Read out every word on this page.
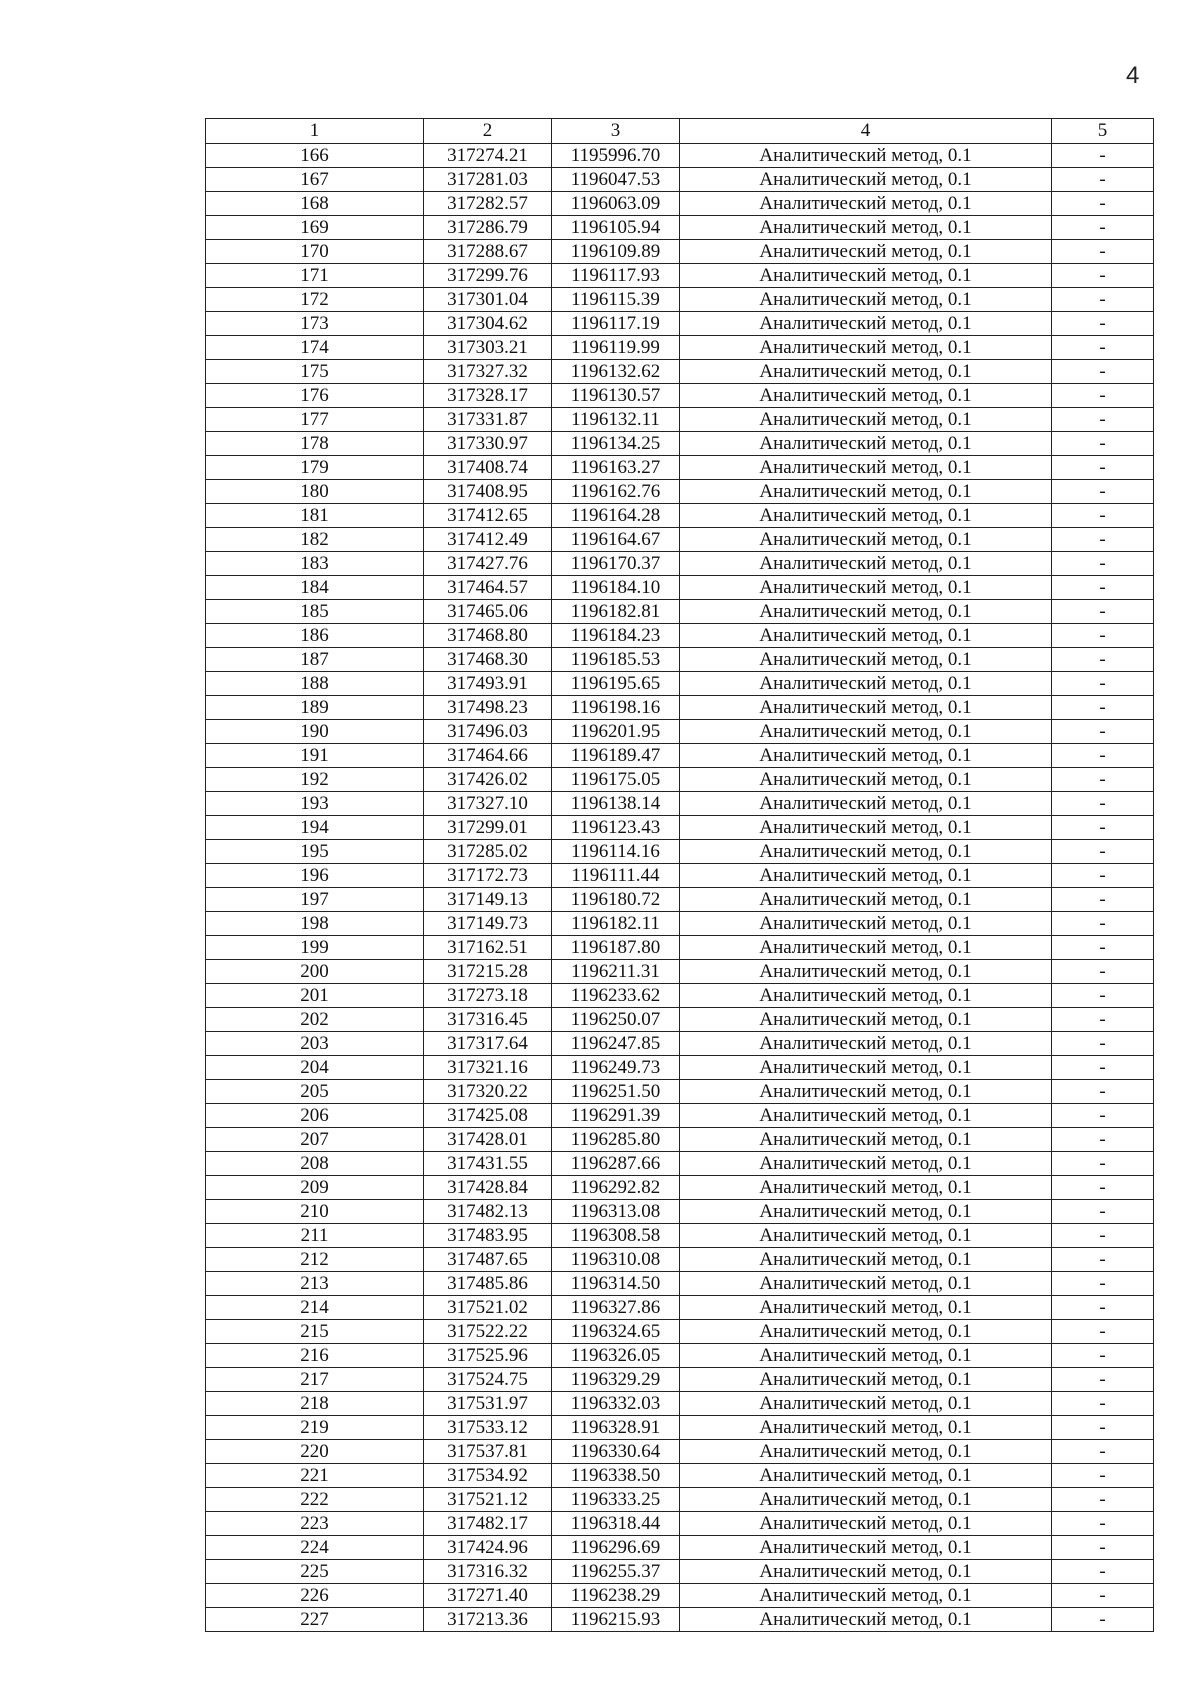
4
1	2	3	4	5
166	317274.21	1195996.70	Аналитический метод, 0.1	-
167	317281.03	1196047.53	Аналитический метод, 0.1	-
168	317282.57	1196063.09	Аналитический метод, 0.1	-
169	317286.79	1196105.94	Аналитический метод, 0.1	-
170	317288.67	1196109.89	Аналитический метод, 0.1	-
171	317299.76	1196117.93	Аналитический метод, 0.1	-
172	317301.04	1196115.39	Аналитический метод, 0.1	-
173	317304.62	1196117.19	Аналитический метод, 0.1	-
174	317303.21	1196119.99	Аналитический метод, 0.1	-
175	317327.32	1196132.62	Аналитический метод, 0.1	-
176	317328.17	1196130.57	Аналитический метод, 0.1	-
177	317331.87	1196132.11	Аналитический метод, 0.1	-
178	317330.97	1196134.25	Аналитический метод, 0.1	-
179	317408.74	1196163.27	Аналитический метод, 0.1	-
180	317408.95	1196162.76	Аналитический метод, 0.1	-
181	317412.65	1196164.28	Аналитический метод, 0.1	-
182	317412.49	1196164.67	Аналитический метод, 0.1	-
183	317427.76	1196170.37	Аналитический метод, 0.1	-
184	317464.57	1196184.10	Аналитический метод, 0.1	-
185	317465.06	1196182.81	Аналитический метод, 0.1	-
186	317468.80	1196184.23	Аналитический метод, 0.1	-
187	317468.30	1196185.53	Аналитический метод, 0.1	-
188	317493.91	1196195.65	Аналитический метод, 0.1	-
189	317498.23	1196198.16	Аналитический метод, 0.1	-
190	317496.03	1196201.95	Аналитический метод, 0.1	-
191	317464.66	1196189.47	Аналитический метод, 0.1	-
192	317426.02	1196175.05	Аналитический метод, 0.1	-
193	317327.10	1196138.14	Аналитический метод, 0.1	-
194	317299.01	1196123.43	Аналитический метод, 0.1	-
195	317285.02	1196114.16	Аналитический метод, 0.1	-
196	317172.73	1196111.44	Аналитический метод, 0.1	-
197	317149.13	1196180.72	Аналитический метод, 0.1	-
198	317149.73	1196182.11	Аналитический метод, 0.1	-
199	317162.51	1196187.80	Аналитический метод, 0.1	-
200	317215.28	1196211.31	Аналитический метод, 0.1	-
201	317273.18	1196233.62	Аналитический метод, 0.1	-
202	317316.45	1196250.07	Аналитический метод, 0.1	-
203	317317.64	1196247.85	Аналитический метод, 0.1	-
204	317321.16	1196249.73	Аналитический метод, 0.1	-
205	317320.22	1196251.50	Аналитический метод, 0.1	-
206	317425.08	1196291.39	Аналитический метод, 0.1	-
207	317428.01	1196285.80	Аналитический метод, 0.1	-
208	317431.55	1196287.66	Аналитический метод, 0.1	-
209	317428.84	1196292.82	Аналитический метод, 0.1	-
210	317482.13	1196313.08	Аналитический метод, 0.1	-
211	317483.95	1196308.58	Аналитический метод, 0.1	-
212	317487.65	1196310.08	Аналитический метод, 0.1	-
213	317485.86	1196314.50	Аналитический метод, 0.1	-
214	317521.02	1196327.86	Аналитический метод, 0.1	-
215	317522.22	1196324.65	Аналитический метод, 0.1	-
216	317525.96	1196326.05	Аналитический метод, 0.1	-
217	317524.75	1196329.29	Аналитический метод, 0.1	-
218	317531.97	1196332.03	Аналитический метод, 0.1	-
219	317533.12	1196328.91	Аналитический метод, 0.1	-
220	317537.81	1196330.64	Аналитический метод, 0.1	-
221	317534.92	1196338.50	Аналитический метод, 0.1	-
222	317521.12	1196333.25	Аналитический метод, 0.1	-
223	317482.17	1196318.44	Аналитический метод, 0.1	-
224	317424.96	1196296.69	Аналитический метод, 0.1	-
225	317316.32	1196255.37	Аналитический метод, 0.1	-
226	317271.40	1196238.29	Аналитический метод, 0.1	-
227	317213.36	1196215.93	Аналитический метод, 0.1	-
